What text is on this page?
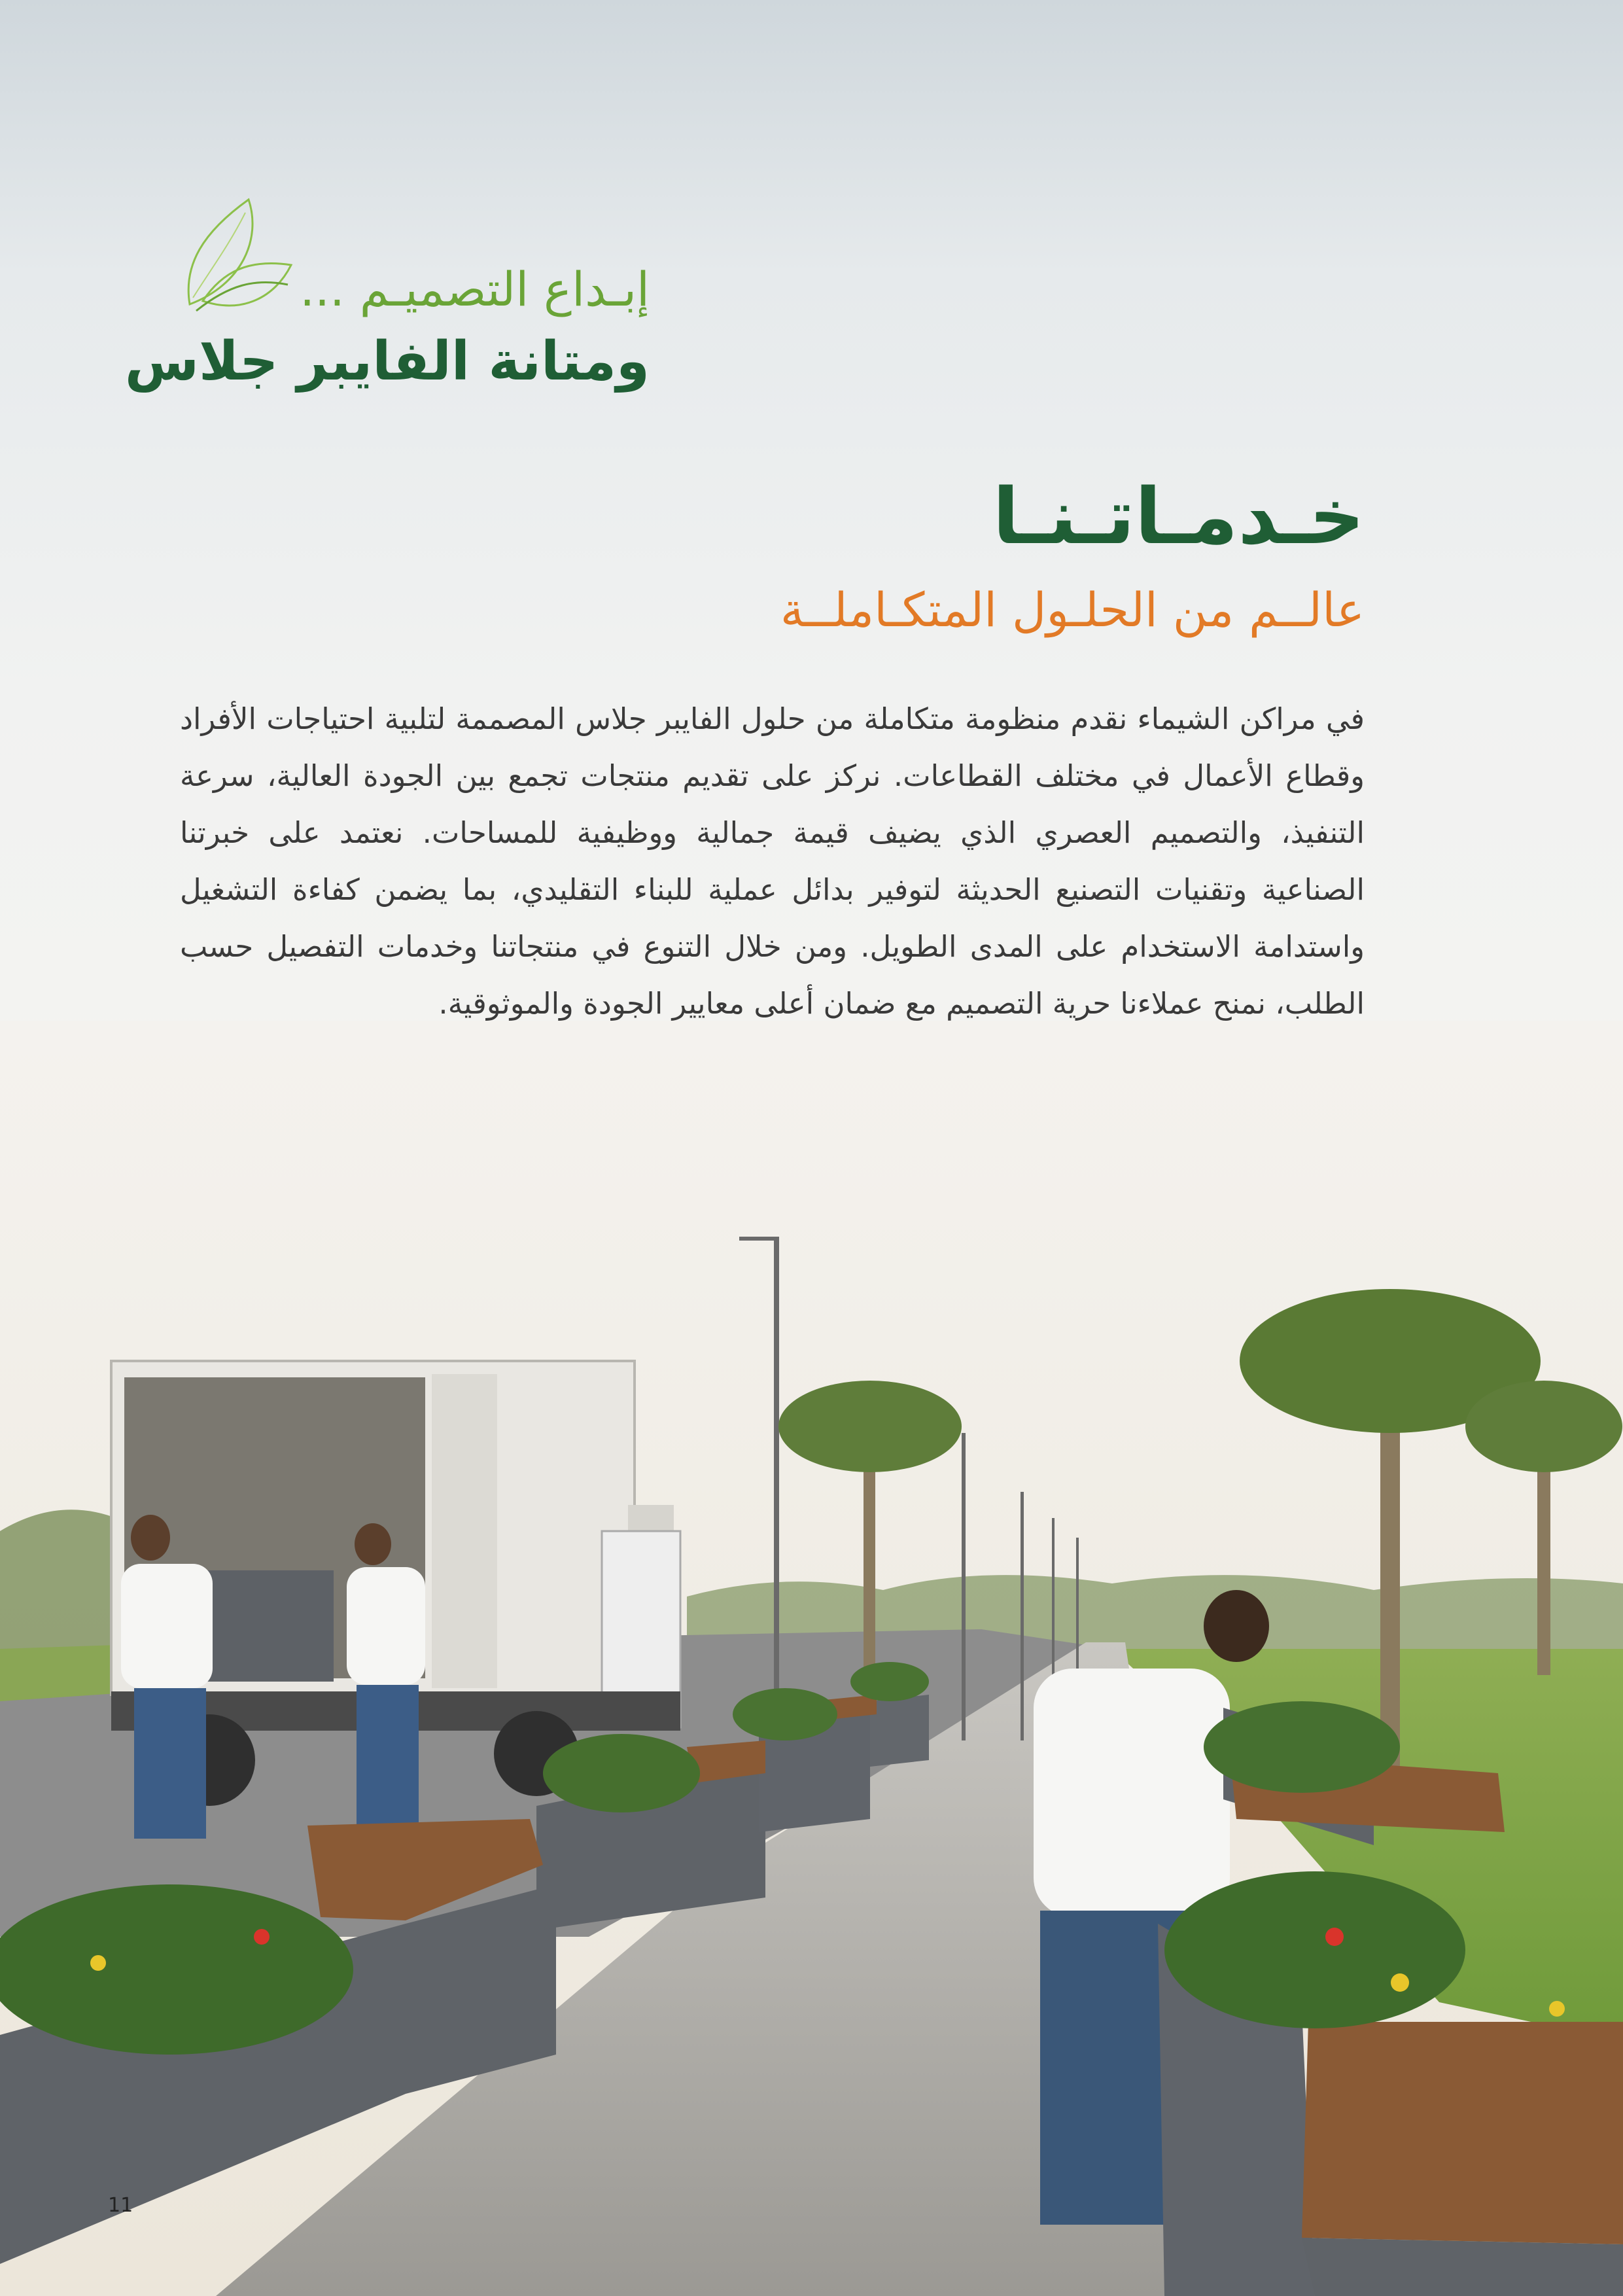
إبـداع التصميـم ...
ومتانة الفايبر جلاس
خـدمـاتـنـا
عالــم من الحلـول المتكـاملــة
في مراكن الشيماء نقدم منظومة متكاملة من حلول الفايبر جلاس المصممة لتلبية احتياجات الأفراد وقطاع الأعمال في مختلف القطاعات. نركز على تقديم منتجات تجمع بين الجودة العالية، سرعة التنفيذ، والتصميم العصري الذي يضيف قيمة جمالية ووظيفية للمساحات. نعتمد على خبرتنا الصناعية وتقنيات التصنيع الحديثة لتوفير بدائل عملية للبناء التقليدي، بما يضمن كفاءة التشغيل واستدامة الاستخدام على المدى الطويل. ومن خلال التنوع في منتجاتنا وخدمات التفصيل حسب الطلب، نمنح عملاءنا حرية التصميم مع ضمان أعلى معايير الجودة والموثوقية.
11
